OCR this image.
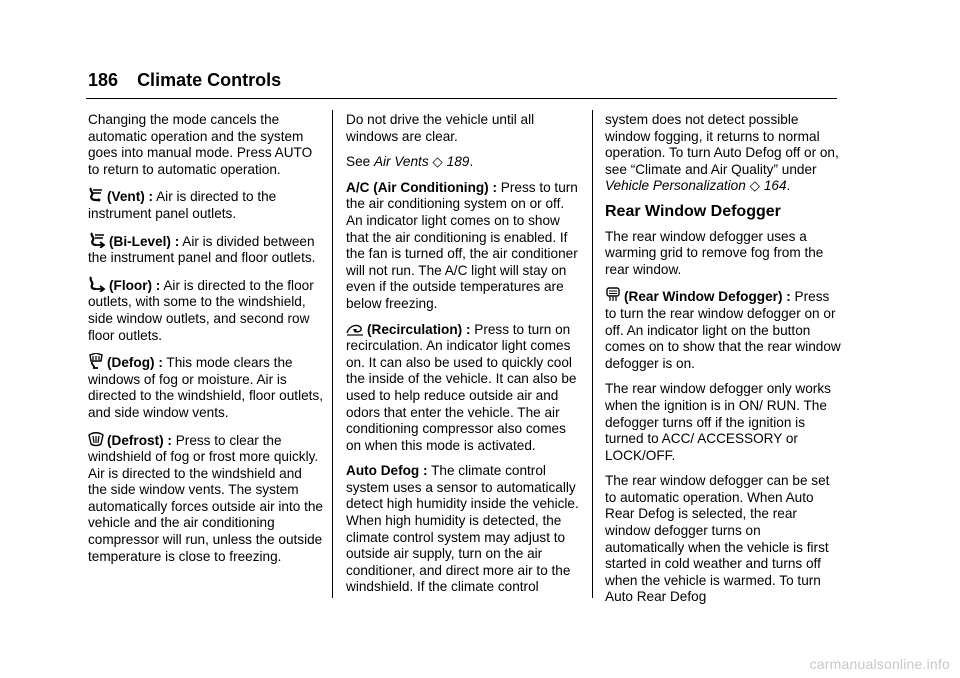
186 Climate Controls

Changing the mode cancels the automatic operation and the system goes into manual mode. Press AUTO to return to automatic operation.

(Vent) : Air is directed to the instrument panel outlets.

(Bi-Level) : Air is divided between the instrument panel and floor outlets.

(Floor) : Air is directed to the floor outlets, with some to the windshield, side window outlets, and second row floor outlets.

(Defog) : This mode clears the windows of fog or moisture. Air is directed to the windshield, floor outlets, and side window vents.

(Defrost) : Press to clear the windshield of fog or frost more quickly. Air is directed to the windshield and the side window vents. The system automatically forces outside air into the vehicle and the air conditioning compressor will run, unless the outside temperature is close to freezing.

Do not drive the vehicle until all windows are clear.

See Air Vents ◇ 189.

A/C (Air Conditioning) : Press to turn the air conditioning system on or off. An indicator light comes on to show that the air conditioning is enabled. If the fan is turned off, the air conditioner will not run. The A/C light will stay on even if the outside temperatures are below freezing.

(Recirculation) : Press to turn on recirculation. An indicator light comes on. It can also be used to quickly cool the inside of the vehicle. It can also be used to help reduce outside air and odors that enter the vehicle. The air conditioning compressor also comes on when this mode is activated.

Auto Defog : The climate control system uses a sensor to automatically detect high humidity inside the vehicle. When high humidity is detected, the climate control system may adjust to outside air supply, turn on the air conditioner, and direct more air to the windshield. If the climate control

system does not detect possible window fogging, it returns to normal operation. To turn Auto Defog off or on, see “Climate and Air Quality” under Vehicle Personalization ◇ 164.

Rear Window Defogger

The rear window defogger uses a warming grid to remove fog from the rear window.

(Rear Window Defogger) : Press to turn the rear window defogger on or off. An indicator light on the button comes on to show that the rear window defogger is on.

The rear window defogger only works when the ignition is in ON/ RUN. The defogger turns off if the ignition is turned to ACC/ ACCESSORY or LOCK/OFF.

The rear window defogger can be set to automatic operation. When Auto Rear Defog is selected, the rear window defogger turns on automatically when the vehicle is first started in cold weather and turns off when the vehicle is warmed. To turn Auto Rear Defog

carmanualsonline.info
